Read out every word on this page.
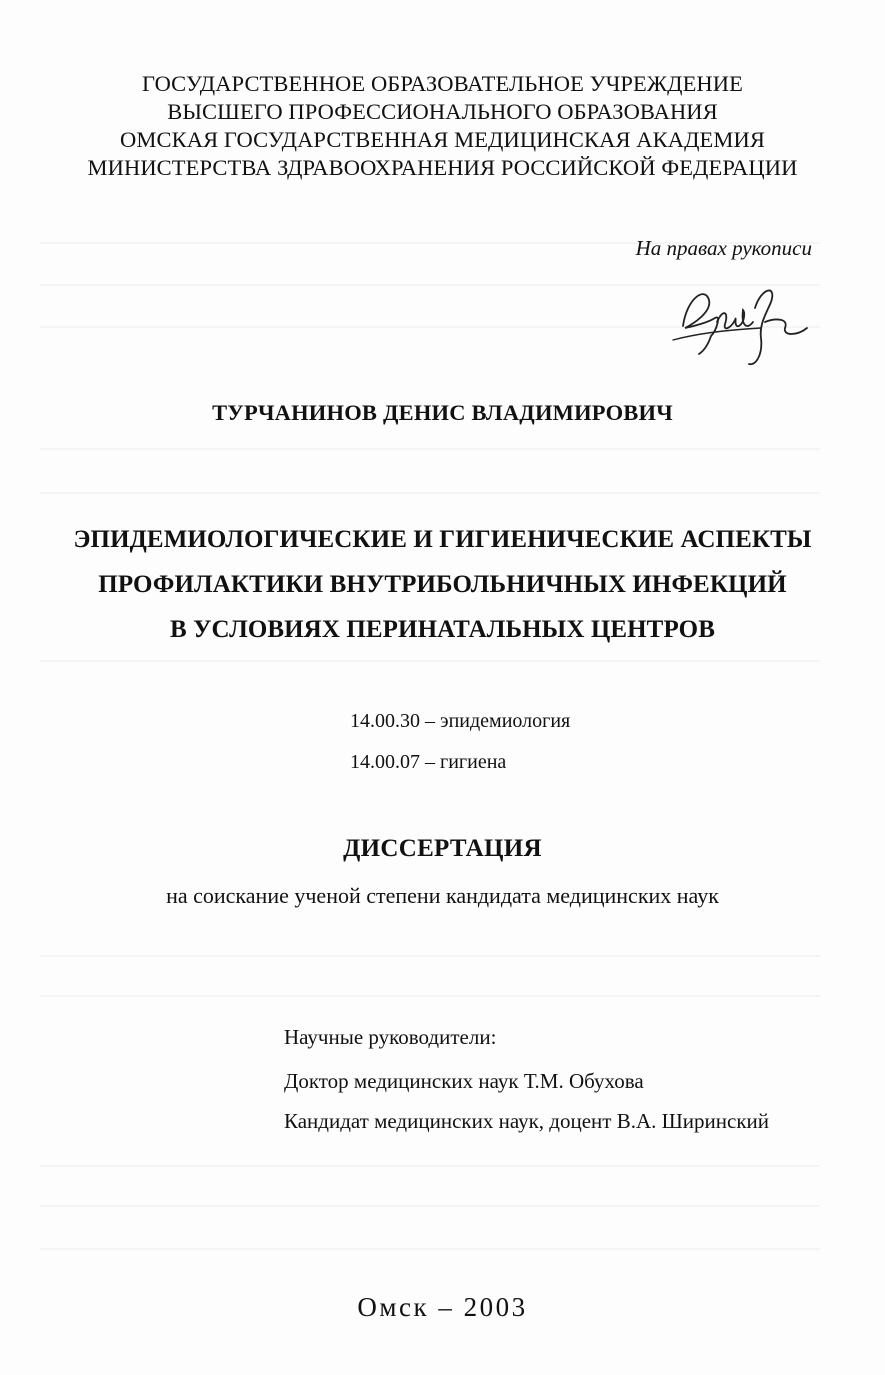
ГОСУДАРСТВЕННОЕ ОБРАЗОВАТЕЛЬНОЕ УЧРЕЖДЕНИЕ
ВЫСШЕГО ПРОФЕССИОНАЛЬНОГО ОБРАЗОВАНИЯ
ОМСКАЯ ГОСУДАРСТВЕННАЯ МЕДИЦИНСКАЯ АКАДЕМИЯ
МИНИСТЕРСТВА ЗДРАВООХРАНЕНИЯ РОССИЙСКОЙ ФЕДЕРАЦИИ
На правах рукописи
ТУРЧАНИНОВ ДЕНИС ВЛАДИМИРОВИЧ
ЭПИДЕМИОЛОГИЧЕСКИЕ И ГИГИЕНИЧЕСКИЕ АСПЕКТЫ
ПРОФИЛАКТИКИ ВНУТРИБОЛЬНИЧНЫХ ИНФЕКЦИЙ
В УСЛОВИЯХ ПЕРИНАТАЛЬНЫХ ЦЕНТРОВ
14.00.30 – эпидемиология
14.00.07 – гигиена
ДИССЕРТАЦИЯ
на соискание ученой степени кандидата медицинских наук
Научные руководители:
Доктор медицинских наук Т.М. Обухова
Кандидат медицинских наук, доцент В.А. Ширинский
Омск – 2003
